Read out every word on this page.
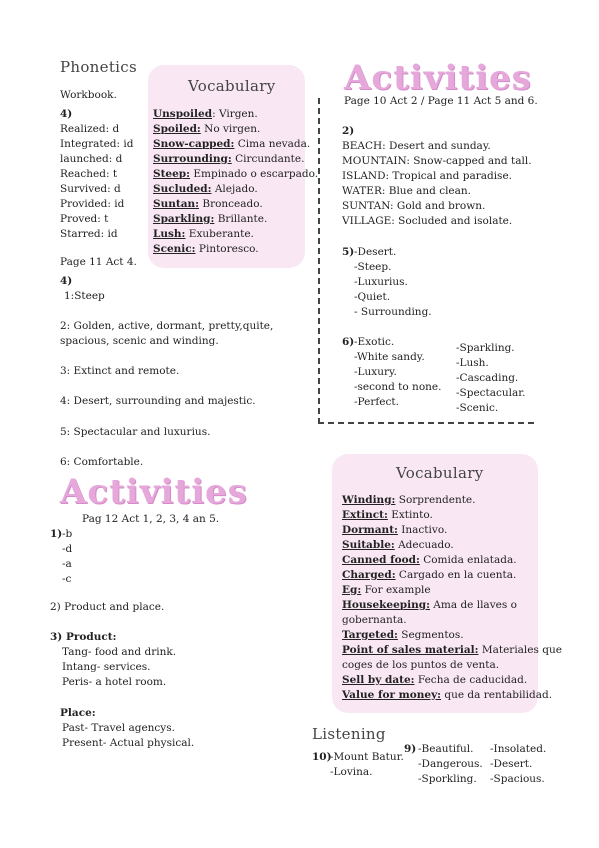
Phonetics
Workbook.
4)
Realized: d
Integrated: id
launched: d
Reached: t
Survived: d
Provided: id
Proved: t
Starred: id
Page 11 Act 4.
4)
1:Steep
2: Golden, active, dormant, pretty,quite, spacious, scenic and winding.
3: Extinct and remote.
4: Desert, surrounding and majestic.
5: Spectacular and luxurius.
6: Comfortable.
Vocabulary
Unspoiled: Virgen.
Spoiled: No virgen.
Snow-capped: Cima nevada.
Surrounding: Circundante.
Steep: Empinado o escarpado.
Sucluded: Alejado.
Suntan: Bronceado.
Sparkling: Brillante.
Lush: Exuberante.
Scenic: Pintoresco.
Activities
Page 10 Act 2 / Page 11 Act 5 and 6.
2)
BEACH: Desert and sunday.
MOUNTAIN: Snow-capped and tall.
ISLAND: Tropical and paradise.
WATER: Blue and clean.
SUNTAN: Gold and brown.
VILLAGE: Socluded and isolate.
5) -Desert.
-Steep.
-Luxurius.
-Quiet.
- Surrounding.
6) -Exotic.
-White sandy.
-Luxury.
-second to none.
-Perfect.
-Sparkling.
-Lush.
-Cascading.
-Spectacular.
-Scenic.
Activities
Pag 12 Act 1, 2, 3, 4 an 5.
1) -b
-d
-a
-c
2) Product and place.
3) Product:
Tang- food and drink.
Intang- services.
Peris- a hotel room.
Place:
Past- Travel agencys.
Present- Actual physical.
Vocabulary
Winding: Sorprendente.
Extinct: Extinto.
Dormant: Inactivo.
Suitable: Adecuado.
Canned food: Comida enlatada.
Charged: Cargado en la cuenta.
Eg: For example
Housekeeping: Ama de llaves o
gobernanta.
Targeted: Segmentos.
Point of sales material: Materiales que
coges de los puntos de venta.
Sell by date: Fecha de caducidad.
Value for money: que da rentabilidad.
Listening
10)
-Mount Batur.
-Lovina.
9) -Beautiful.
-Dangerous.
-Sporkling.
-Insolated.
-Desert.
-Spacious.
